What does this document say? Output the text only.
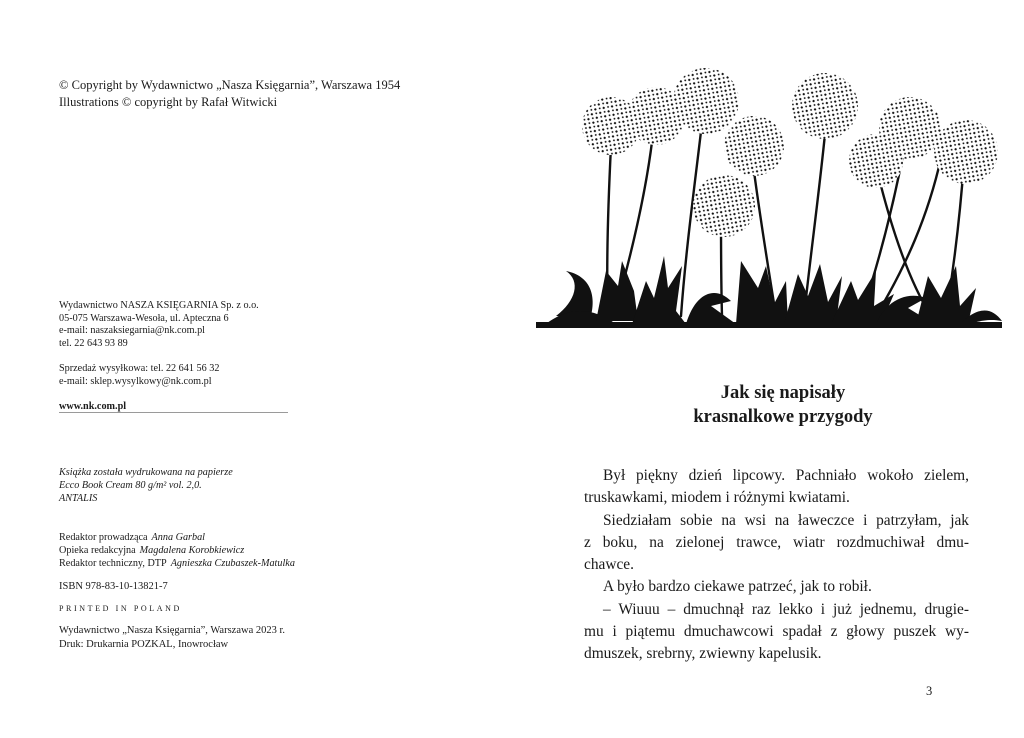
© Copyright by Wydawnictwo „Nasza Księgarnia”, Warszawa 1954
Illustrations © copyright by Rafał Witwicki
Wydawnictwo NASZA KSIĘGARNIA Sp. z o.o.
05-075 Warszawa-Wesoła, ul. Apteczna 6
e-mail: naszaksiegarnia@nk.com.pl
tel. 22 643 93 89
Sprzedaż wysyłkowa: tel. 22 641 56 32
e-mail: sklep.wysylkowy@nk.com.pl
www.nk.com.pl
Książka została wydrukowana na papierze
Ecco Book Cream 80 g/m² vol. 2,0.
ANTALIS
Redaktor prowadząca Anna Garbal
Opieka redakcyjna Magdalena Korobkiewicz
Redaktor techniczny, DTP Agnieszka Czubaszek-Matulka
ISBN 978-83-10-13821-7
PRINTED IN POLAND
Wydawnictwo „Nasza Księgarnia”, Warszawa 2023 r.
Druk: Drukarnia POZKAL, Inowrocław
Jak się napisały
krasnalkowe przygody
Był piękny dzień lipcowy. Pachniało wokoło zielem,
truskawkami, miodem i różnymi kwiatami.
Siedziałam sobie na wsi na ławeczce i patrzyłam, jak
z boku, na zielonej trawce, wiatr rozdmuchiwał dmu-
chawce.
A było bardzo ciekawe patrzeć, jak to robił.
– Wiuuu – dmuchnął raz lekko i już jednemu, drugie-
mu i piątemu dmuchawcowi spadał z głowy puszek wy-
dmuszek, srebrny, zwiewny kapelusik.
3
